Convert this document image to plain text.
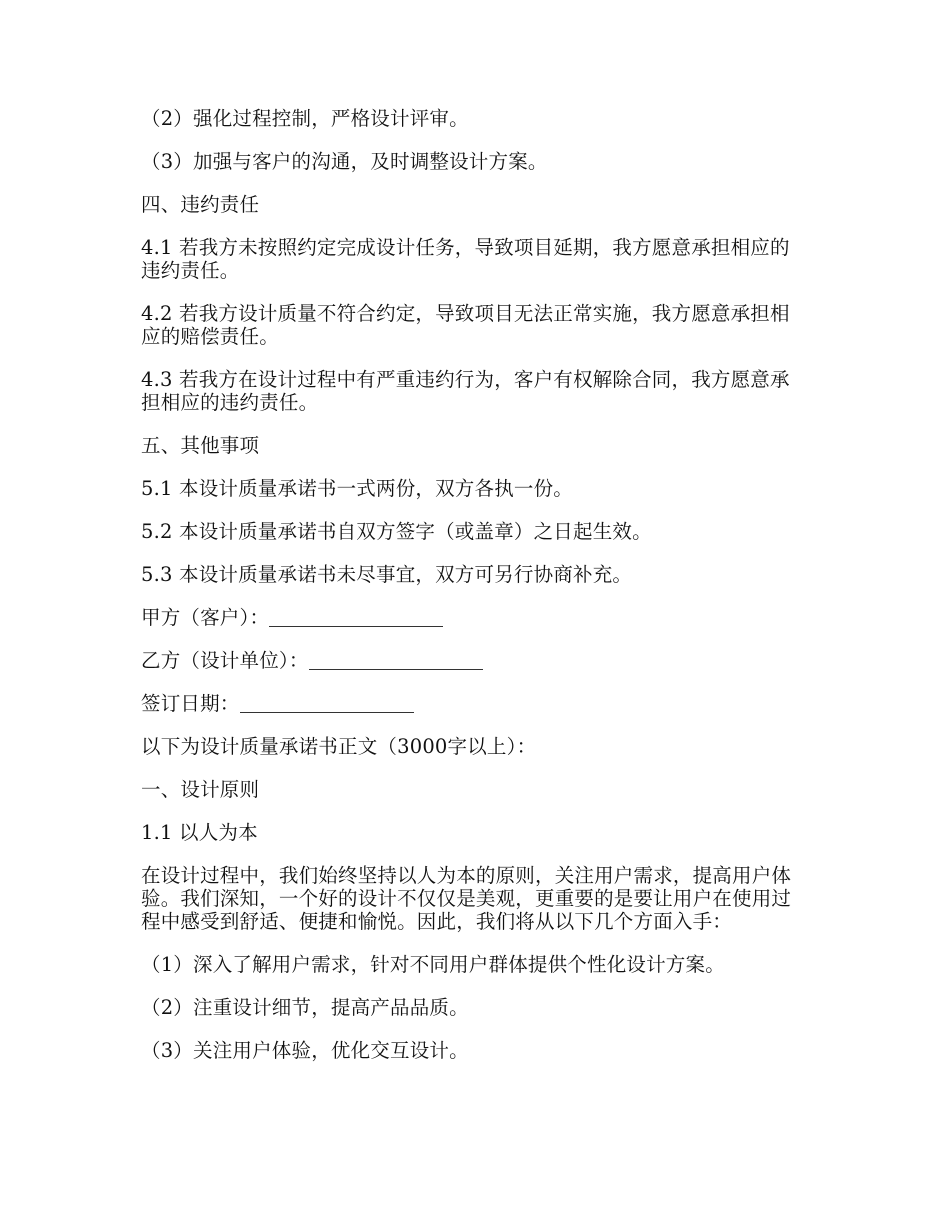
（2）强化过程控制，严格设计评审。

（3）加强与客户的沟通，及时调整设计方案。

四、违约责任

4.1 若我方未按照约定完成设计任务，导致项目延期，我方愿意承担相应的违约责任。

4.2 若我方设计质量不符合约定，导致项目无法正常实施，我方愿意承担相应的赔偿责任。

4.3 若我方在设计过程中有严重违约行为，客户有权解除合同，我方愿意承担相应的违约责任。

五、其他事项

5.1 本设计质量承诺书一式两份，双方各执一份。

5.2 本设计质量承诺书自双方签字（或盖章）之日起生效。

5.3 本设计质量承诺书未尽事宜，双方可另行协商补充。

甲方（客户）：

乙方（设计单位）：

签订日期：

以下为设计质量承诺书正文（3000字以上）：

一、设计原则

1.1 以人为本

在设计过程中，我们始终坚持以人为本的原则，关注用户需求，提高用户体验。我们深知，一个好的设计不仅仅是美观，更重要的是要让用户在使用过程中感受到舒适、便捷和愉悦。因此，我们将从以下几个方面入手：

（1）深入了解用户需求，针对不同用户群体提供个性化设计方案。

（2）注重设计细节，提高产品品质。

（3）关注用户体验，优化交互设计。
